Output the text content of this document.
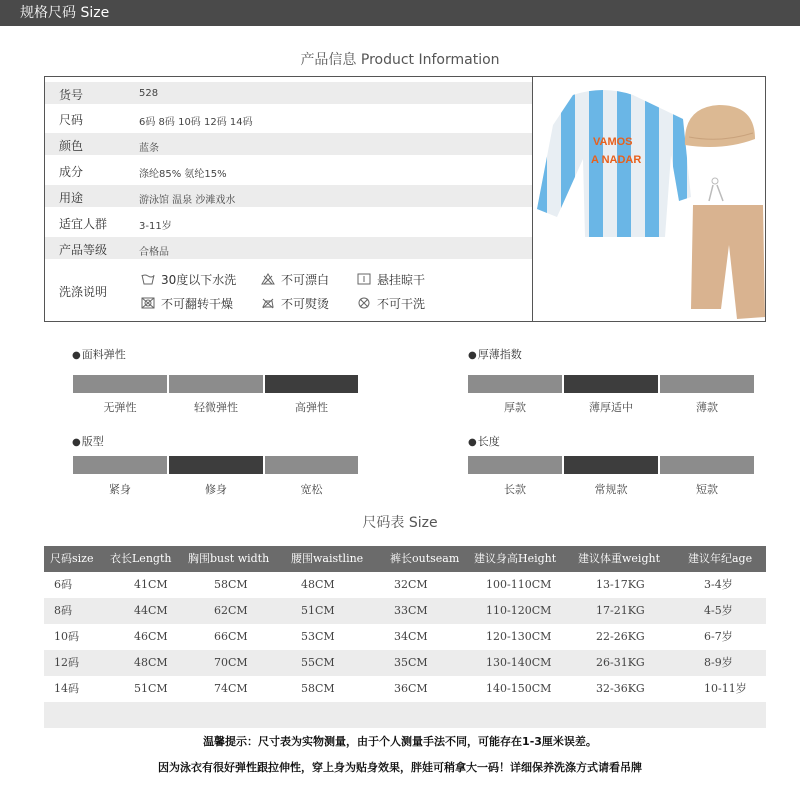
规格尺码 Size
产品信息 Product Information
货号	528
尺码	6码 8码 10码 12码 14码
颜色	蓝条
成分	涤纶85% 氨纶15%
用途	游泳馆 温泉 沙滩戏水
适宜人群	3-11岁
产品等级	合格品
洗涤说明
30度以下水洗	不可漂白	悬挂晾干
不可翻转干燥	不可熨烫	不可干洗
VAMOS
A NADAR
● 面料弹性
无弹性	轻微弹性	高弹性
● 厚薄指数
厚款	薄厚适中	薄款
● 版型
紧身	修身	宽松
● 长度
长款	常规款	短款
尺码表 Size
尺码size 衣长Length 胸围bust width 腰围waistline 裤长outseam 建议身高Height 建议体重weight	建议年纪age
6码	41CM	58CM	48CM	32CM	100-110CM	13-17KG	3-4岁
8码	44CM	62CM	51CM	33CM	110-120CM	17-21KG	4-5岁
10码	46CM	66CM	53CM	34CM	120-130CM	22-26KG	6-7岁
12码	48CM	70CM	55CM	35CM	130-140CM	26-31KG	8-9岁
14码	51CM	74CM	58CM	36CM	140-150CM	32-36KG	10-11岁
温馨提示：尺寸表为实物测量，由于个人测量手法不同，可能存在1-3厘米误差。
因为泳衣有很好弹性跟拉伸性，穿上身为贴身效果，胖娃可稍拿大一码！详细保养洗涤方式请看吊牌
